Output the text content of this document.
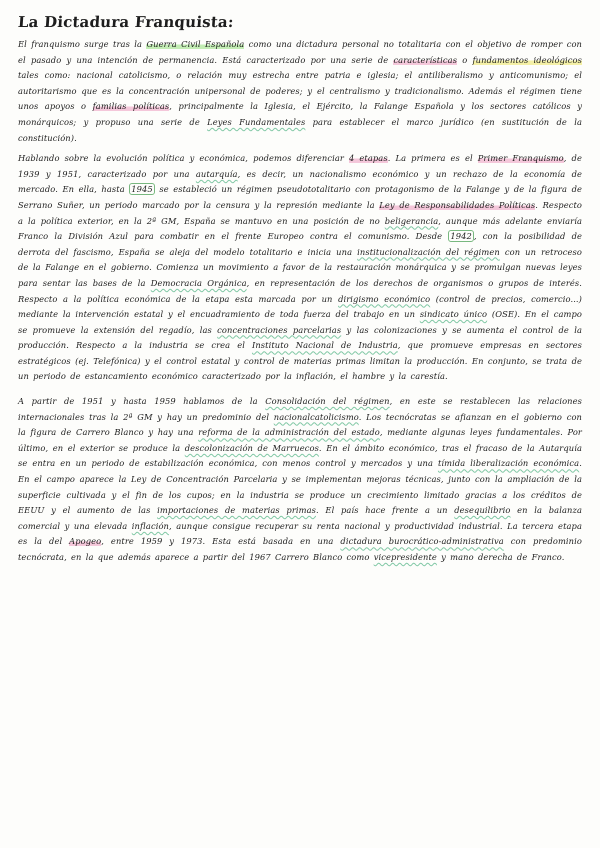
La Dictadura Franquista:
El franquismo surge tras la Guerra Civil Española como una dictadura personal no totalitaria con el objetivo de romper con el pasado y una intención de permanencia. Está caracterizado por una serie de características o fundamentos ideológicos tales como: nacional catolicismo, o relación muy estrecha entre patria e iglesia; el antiliberalismo y anticomunismo; el autoritarismo que es la concentración unipersonal de poderes; y el centralismo y tradicionalismo. Además el régimen tiene unos apoyos o familias políticas, principalmente la Iglesia, el Ejército, la Falange Española y los sectores católicos y monárquicos; y propuso una serie de Leyes Fundamentales para establecer el marco jurídico (en sustitución de la constitución).
Hablando sobre la evolución política y económica, podemos diferenciar 4 etapas. La primera es el Primer Franquismo, de 1939 y 1951, caracterizado por una autarquía, es decir, un nacionalismo económico y un rechazo de la economía de mercado. En ella, hasta 1945 se estableció un régimen pseudototalitario con protagonismo de la Falange y de la figura de Serrano Suñer, un periodo marcado por la censura y la represión mediante la Ley de Responsabilidades Políticas. Respecto a la política exterior, en la 2ª GM, España se mantuvo en una posición de no beligerancia, aunque más adelante enviaría Franco la División Azul para combatir en el frente Europeo contra el comunismo. Desde 1942 , con la posibilidad de derrota del fascismo, España se aleja del modelo totalitario e inicia una institucionalización del régimen con un retroceso de la Falange en el gobierno. Comienza un movimiento a favor de la restauración monárquica y se promulgan nuevas leyes para sentar las bases de la Democracia Orgánica, en representación de los derechos de organismos o grupos de interés. Respecto a la política económica de la etapa esta marcada por un dirigismo económico (control de precios, comercio...) mediante la intervención estatal y el encuadramiento de toda fuerza del trabajo en un sindicato único (OSE). En el campo se promueve la extensión del regadío, las concentraciones parcelarias y las colonizaciones y se aumenta el control de la producción. Respecto a la industria se crea el Instituto Nacional de Industria, que promueve empresas en sectores estratégicos (ej. Telefónica) y el control estatal y control de materias primas limitan la producción. En conjunto, se trata de un periodo de estancamiento económico caracterizado por la inflación, el hambre y la carestía.
A partir de 1951 y hasta 1959 hablamos de la Consolidación del régimen, en este se restablecen las relaciones internacionales tras la 2ª GM y hay un predominio del nacionalcatolicismo. Los tecnócratas se afianzan en el gobierno con la figura de Carrero Blanco y hay una reforma de la administración del estado, mediante algunas leyes fundamentales. Por último, en el exterior se produce la descolonización de Marruecos. En el ámbito económico, tras el fracaso de la Autarquía se entra en un periodo de estabilización económica, con menos control y mercados y una tímida liberalización económica. En el campo aparece la Ley de Concentración Parcelaria y se implementan mejoras técnicas, junto con la ampliación de la superficie cultivada y el fin de los cupos; en la industria se produce un crecimiento limitado gracias a los créditos de EEUU y el aumento de las importaciones de materias primas. El país hace frente a un desequilibrio en la balanza comercial y una elevada inflación, aunque consigue recuperar su renta nacional y productividad industrial. La tercera etapa es la del Apogeo, entre 1959 y 1973. Esta está basada en una dictadura burocrático-administrativa con predominio tecnócrata, en la que además aparece a partir del 1967 Carrero Blanco como vicepresidente y mano derecha de Franco.
